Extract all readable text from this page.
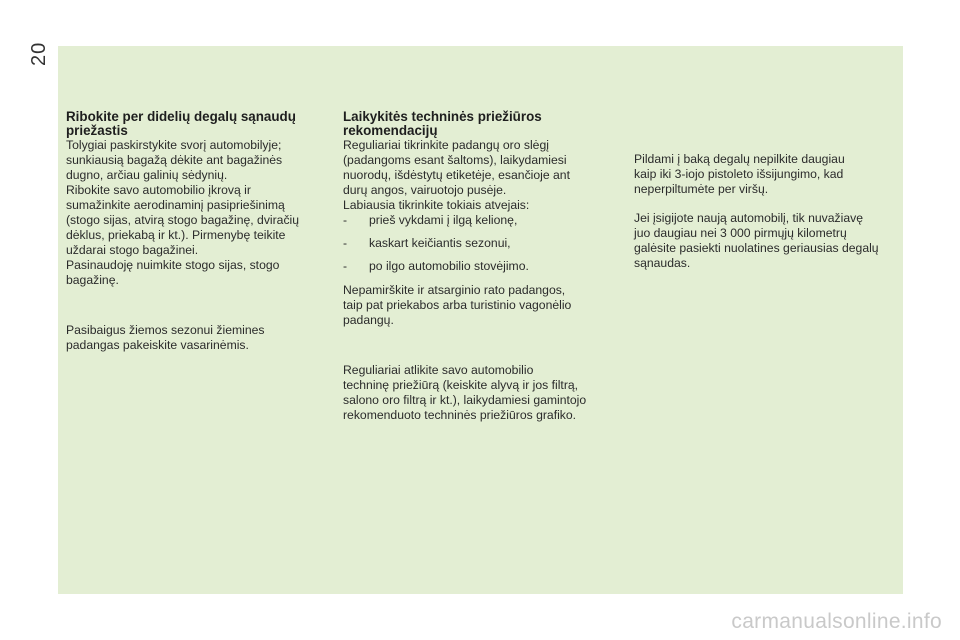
20

Ribokite per didelių degalų sąnaudų
priežastis

Tolygiai paskirstykite svorį automobilyje;
sunkiausią bagažą dėkite ant bagažinės
dugno, arčiau galinių sėdynių.
Ribokite savo automobilio įkrovą ir
sumažinkite aerodinaminį pasipriešinimą
(stogo sijas, atvirą stogo bagažinę, dviračių
dėklus, priekabą ir kt.). Pirmenybę teikite
uždarai stogo bagažinei.
Pasinaudoję nuimkite stogo sijas, stogo
bagažinę.

Pasibaigus žiemos sezonui žiemines
padangas pakeiskite vasarinėmis.

Laikykitės techninės priežiūros
rekomendacijų

Reguliariai tikrinkite padangų oro slėgį
(padangoms esant šaltoms), laikydamiesi
nuorodų, išdėstytų etiketėje, esančioje ant
durų angos, vairuotojo pusėje.
Labiausia tikrinkite tokiais atvejais:

-	prieš vykdami į ilgą kelionę,
-	kaskart keičiantis sezonui,
-	po ilgo automobilio stovėjimo.

Nepamirškite ir atsarginio rato padangos,
taip pat priekabos arba turistinio vagonėlio
padangų.

Reguliariai atlikite savo automobilio
techninę priežiūrą (keiskite alyvą ir jos filtrą,
salono oro filtrą ir kt.), laikydamiesi gamintojo
rekomenduoto techninės priežiūros grafiko.

Pildami į baką degalų nepilkite daugiau
kaip iki 3-iojo pistoleto išsijungimo, kad
neperpiltumėte per viršų.

Jei įsigijote naują automobilį, tik nuvažiavę
juo daugiau nei 3 000 pirmųjų kilometrų
galėsite pasiekti nuolatines geriausias degalų
sąnaudas.

carmanualsonline.info
